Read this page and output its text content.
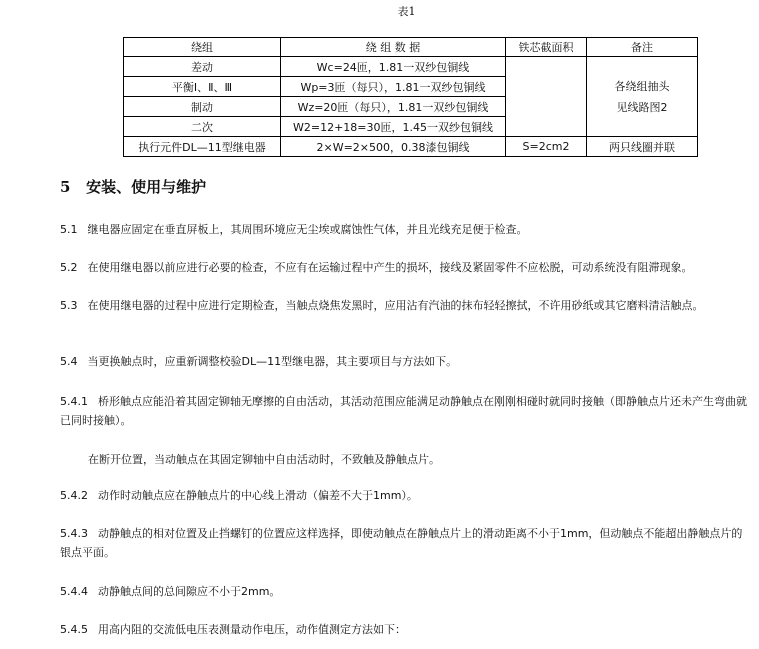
表1
绕组	绕 组 数 据	铁芯截面积	备注
差动	Wc=24匝，1.81一双纱包铜线		各绕组抽头
见线路图2
平衡Ⅰ、Ⅱ、Ⅲ	Wp=3匝（每只），1.81一双纱包铜线		
制动	Wz=20匝（每只），1.81一双纱包铜线		
二次	W2=12+18=30匝，1.45一双纱包铜线		
执行元件DL—11型继电器	2×W=2×500，0.38漆包铜线	S=2cm2	两只线圈并联
5 安装、使用与维护

5.1 继电器应固定在垂直屏板上，其周围环境应无尘埃或腐蚀性气体，并且光线充足便于检查。

5.2 在使用继电器以前应进行必要的检查，不应有在运输过程中产生的损坏，接线及紧固零件不应松脱，可动系统没有阻滞现象。

5.3 在使用继电器的过程中应进行定期检查，当触点烧焦发黑时，应用沾有汽油的抹布轻轻擦拭，不许用砂纸或其它磨料清洁触点。

5.4 当更换触点时，应重新调整校验DL—11型继电器，其主要项目与方法如下。

5.4.1 桥形触点应能沿着其固定铆轴无摩擦的自由活动，其活动范围应能满足动静触点在刚刚相碰时就同时接触（即静触点片还未产生弯曲就已同时接触）。

在断开位置，当动触点在其固定铆轴中自由活动时，不致触及静触点片。

5.4.2 动作时动触点应在静触点片的中心线上滑动（偏差不大于1mm）。

5.4.3 动静触点的相对位置及止挡螺钉的位置应这样选择，即使动触点在静触点片上的滑动距离不小于1mm，但动触点不能超出静触点片的银点平面。

5.4.4 动静触点间的总间隙应不小于2mm。

5.4.5 用高内阻的交流低电压表测量动作电压，动作值测定方法如下：
